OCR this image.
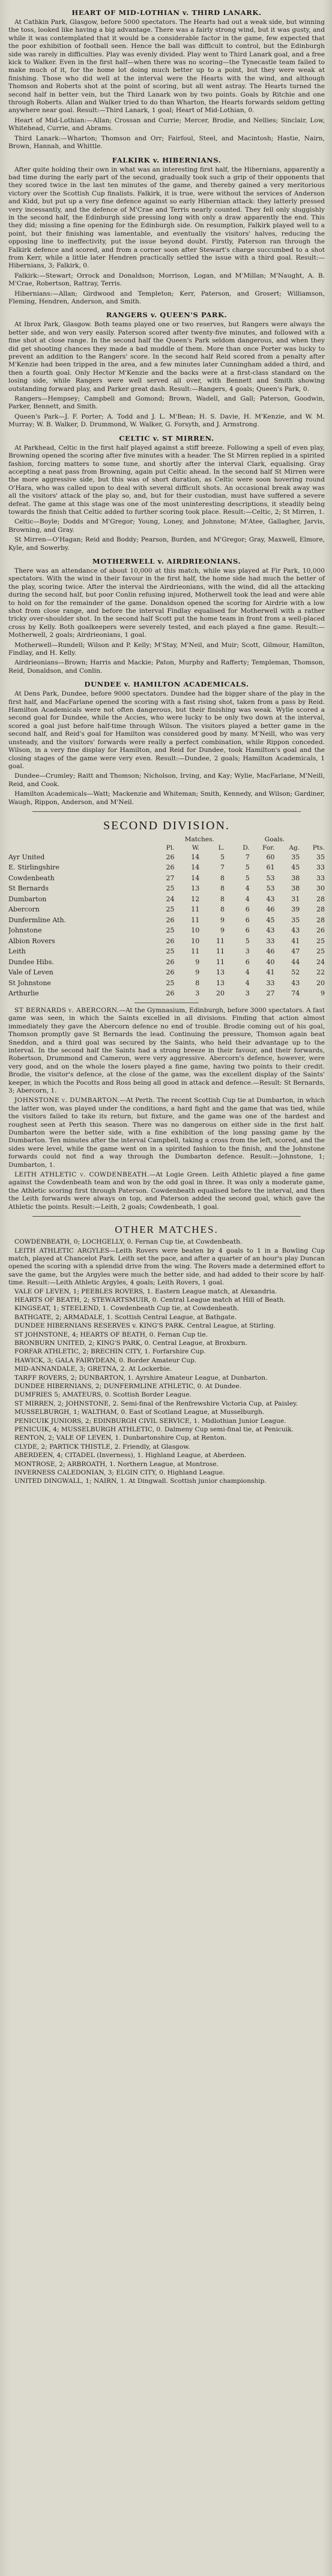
HEART OF MID-LOTHIAN v. THIRD LANARK.

At Cathkin Park, Glasgow, before 5000 spectators. The Hearts had out a weak side, but winning the toss, looked like having a big advantage. There was a fairly strong wind, but it was gusty, and while it was contemplated that it would be a considerable factor in the game, few expected that the poor exhibition of football seen. Hence the ball was difficult to control, but the Edinburgh side was rarely in difficulties. Play was evenly divided. Play went to Third Lanark goal, and a free kick to Walker. Even in the first half—when there was no scoring—the Tynecastle team failed to make much of it, for the home lot doing much better up to a point, but they were weak at finishing. Those who did well at the interval were the Hearts with the wind, and although Thomson and Roberts shot at the point of scoring, but all went astray. The Hearts turned the second half in better vein, but the Third Lanark won by two points. Goals by Ritchie and one through Roberts. Allan and Walker tried to do than Wharton, the Hearts forwards seldom getting anywhere near goal. Result:—Third Lanark, 1 goal; Heart of Mid-Lothian, 0.

Heart of Mid-Lothian:—Allan; Crossan and Currie; Mercer, Brodie, and Nellies; Sinclair, Low, Whitehead, Currie, and Abrams.

Third Lanark:—Wharton; Thomson and Orr; Fairfoul, Steel, and Macintosh; Hastie, Nairn, Brown, Hannah, and Whittle.

FALKIRK v. HIBERNIANS.

After quite holding their own in what was an interesting first half, the Hibernians, apparently a bad time during the early part of the second, gradually took such a grip of their opponents that they scored twice in the last ten minutes of the game, and thereby gained a very meritorious victory over the Scottish Cup finalists. Falkirk, it is true, were without the services of Anderson and Kidd, but put up a very fine defence against so early Hibernian attack: they latterly pressed very incessantly, and the defence of M'Crae and Terris nearly counted. They fell only sluggishly in the second half, the Edinburgh side pressing long with only a draw apparently the end. This they did; missing a fine opening for the Edinburgh side. On resumption, Falkirk played well to a point, but their finishing was lamentable, and eventually the visitors' halves, reducing the opposing line to ineffectivity, put the issue beyond doubt. Firstly, Paterson ran through the Falkirk defence and scored, and from a corner soon after Stewart's charge succumbed to a shot from Kerr, while a little later Hendren practically settled the issue with a third goal. Result:—Hibernians, 3; Falkirk, 0.

Falkirk:—Stewart; Orrock and Donaldson; Morrison, Logan, and M'Millan; M'Naught, A. B. M'Crae, Robertson, Rattray, Terris.

Hibernians:—Allan; Girdwood and Templeton; Kerr, Paterson, and Grosert; Williamson, Fleming, Hendren, Anderson, and Smith.

RANGERS v. QUEEN'S PARK.

At Ibrox Park, Glasgow. Both teams played one or two reserves, but Rangers were always the better side, and won very easily. Paterson scored after twenty-five minutes, and followed with a fine shot at close range. In the second half the Queen's Park seldom dangerous, and when they did get shooting chances they made a bad muddle of them. More than once Porter was lucky to prevent an addition to the Rangers' score. In the second half Reid scored from a penalty after M'Kenzie had been tripped in the area, and a few minutes later Cunningham added a third, and then a fourth goal. Only Hector M'Kenzie and the backs were at a first-class standard on the losing side, while Rangers were well served all over, with Bennett and Smith showing outstanding forward play, and Parker great dash. Result:—Rangers, 4 goals; Queen's Park, 0.

Rangers—Hempsey; Campbell and Gomond; Brown, Wadell, and Gall; Paterson, Goodwin, Parker, Bennett, and Smith.

Queen's Park—J. F. Porter; A. Todd and J. L. M'Bean; H. S. Davie, H. M'Kenzie, and W. M. Murray; W. B. Walker, D. Drummond, W. Walker, G. Forsyth, and J. Armstrong.

CELTIC v. ST MIRREN.

At Parkhead, Celtic in the first half played against a stiff breeze. Following a spell of even play, Browning opened the scoring after five minutes with a header. The St Mirren replied in a spirited fashion, forcing matters to some tune, and shortly after the interval Clark, equalising. Gray accepting a neat pass from Browning, again put Celtic ahead. In the second half St Mirren were the more aggressive side, but this was of short duration, as Celtic were soon hovering round O'Hara, who was called upon to deal with several difficult shots. An occasional break away was all the visitors' attack of the play so, and, but for their custodian, must have suffered a severe defeat. The game at this stage was one of the most uninteresting descriptions, it steadily being towards the finish that Celtic added to further scoring took place. Result:—Celtic, 2; St Mirren, 1.

Celtic—Boyle; Dodds and M'Gregor; Young, Loney, and Johnstone; M'Atee, Gallagher, Jarvis, Browning, and Gray.

St Mirren—O'Hagan; Reid and Boddy; Pearson, Burden, and M'Gregor; Gray, Maxwell, Elmore, Kyle, and Sowerby.

MOTHERWELL v. AIRDRIEONIANS.

There was an attendance of about 10,000 at this match, while was played at Fir Park, 10,000 spectators. With the wind in their favour in the first half, the home side had much the better of the play, scoring twice. After the interval the Airdrieonians, with the wind, did all the attacking during the second half, but poor Conlin refusing injured, Motherwell took the lead and were able to hold on for the remainder of the game. Donaldson opened the scoring for Airdrie with a low shot from close range, and before the interval Findlay equalised for Motherwell with a rather tricky over-shoulder shot. In the second half Scott put the home team in front from a well-placed cross by Kelly. Both goalkeepers were severely tested, and each played a fine game. Result:—Motherwell, 2 goals; Airdrieonians, 1 goal.

Motherwell—Rundell; Wilson and P. Kelly; M'Stay, M'Neil, and Muir; Scott, Gilmour, Hamilton, Findlay, and H. Kelly.

Airdrieonians—Brown; Harris and Mackie; Paton, Murphy and Rafferty; Templeman, Thomson, Reid, Donaldson, and Conlin.

DUNDEE v. HAMILTON ACADEMICALS.

At Dens Park, Dundee, before 9000 spectators. Dundee had the bigger share of the play in the first half, and MacFarlane opened the scoring with a fast rising shot, taken from a pass by Reid. Hamilton Academicals were not often dangerous, but their finishing was weak. Wylie scored a second goal for Dundee, while the Accies, who were lucky to be only two down at the interval, scored a goal just before half-time through Wilson. The visitors played a better game in the second half, and Reid's goal for Hamilton was considered good by many. M'Neill, who was very unsteady, and the visitors' forwards were really a perfect combination, while Rippon conceded. Wilson, in a very fine display for Hamilton, and Reid for Dundee, took Hamilton's goal and the closing stages of the game were very even. Result:—Dundee, 2 goals; Hamilton Academicals, 1 goal.

Dundee—Crumley; Raitt and Thomson; Nicholson, Irving, and Kay; Wylie, MacFarlane, M'Neill, Reid, and Cook.

Hamilton Academicals—Watt; Mackenzie and Whiteman; Smith, Kennedy, and Wilson; Gardiner, Waugh, Rippon, Anderson, and M'Neil.

SECOND DIVISION.
	Matches.				Goals.		
	Pl.	W.	L.	D.	For.	Ag.	Pts.
Ayr United	26	14	5	7	60	35	35
E. Stirlingshire	26	14	7	5	61	45	33
Cowdenbeath	27	14	8	5	53	38	33
St Bernards	25	13	8	4	53	38	30
Dumbarton	24	12	8	4	43	31	28
Abercorn	25	11	8	6	46	39	28
Dunfermline Ath.	26	11	9	6	45	35	28
Johnstone	25	10	9	6	43	43	26
Albion Rovers	26	10	11	5	33	41	25
Leith	25	11	11	3	46	47	25
Dundee Hibs.	26	9	11	6	40	44	24
Vale of Leven	26	9	13	4	41	52	22
St Johnstone	25	8	13	4	33	43	20
Arthurlie	26	3	20	3	27	74	9

ST BERNARDS v. ABERCORN.—At the Gymnasium, Edinburgh, before 3000 spectators. A fast game was seen, in which the Saints excelled in all divisions. Finding that action almost immediately they gave the Abercorn defence no end of trouble. Brodie coming out of his goal, Thomson promptly gave St Bernards the lead. Continuing the pressure, Thomson again beat Sneddon, and a third goal was secured by the Saints, who held their advantage up to the interval. In the second half the Saints had a strong breeze in their favour, and their forwards, Robertson, Drummond and Cameron, were very aggressive. Abercorn's defence, however, were very good, and on the whole the losers played a fine game, having two points to their credit. Brodie, the visitor's defence, at the close of the game, was the excellent display of the Saints' keeper, in which the Pocotts and Ross being all good in attack and defence.—Result: St Bernards, 3; Abercorn, 1.

JOHNSTONE v. DUMBARTON.—At Perth. The recent Scottish Cup tie at Dumbarton, in which the latter won, was played under the conditions, a hard fight and the game that was tied, while the visitors failed to take its return, but fixture, and the game was one of the hardest and roughest seen at Perth this season. There was no dangerous on either side in the first half. Dumbarton were the better side, with a fine exhibition of the long passing game by the Dumbarton. Ten minutes after the interval Campbell, taking a cross from the left, scored, and the sides were level, while the game went on in a spirited fashion to the finish, and the Johnstone forwards could not find a way through the Dumbarton defence. Result:—Johnstone, 1; Dumbarton, 1.

LEITH ATHLETIC v. COWDENBEATH.—At Logie Green. Leith Athletic played a fine game against the Cowdenbeath team and won by the odd goal in three. It was only a moderate game, the Athletic scoring first through Paterson. Cowdenbeath equalised before the interval, and then the Leith forwards were always on top, and Paterson added the second goal, which gave the Athletic the points. Result:—Leith, 2 goals; Cowdenbeath, 1 goal.

OTHER MATCHES.

COWDENBEATH, 0; LOCHGELLY, 0. Fernan Cup tie, at Cowdenbeath.

LEITH ATHLETIC ARGYLES—Leith Rovers were beaten by 4 goals to 1 in a Bowling Cup match, played at Chancelot Park. Leith set the pace, and after a quarter of an hour's play Duncan opened the scoring with a splendid drive from the wing. The Rovers made a determined effort to save the game, but the Argyles were much the better side, and had added to their score by half-time. Result:—Leith Athletic Argyles, 4 goals; Leith Rovers, 1 goal.

VALE OF LEVEN, 1; PEEBLES ROVERS, 1. Eastern League match, at Alexandria.

HEARTS OF BEATH, 2; STEWARTSMUIR, 0. Central League match at Hill of Beath.

KINGSEAT, 1; STEELEND, 1. Cowdenbeath Cup tie, at Cowdenbeath.

BATHGATE, 2; ARMADALE, 1. Scottish Central League, at Bathgate.

DUNDEE HIBERNIANS RESERVES v. KING'S PARK. Central League, at Stirling.

ST JOHNSTONE, 4; HEARTS OF BEATH, 0. Fernan Cup tie.

BRONBURN UNITED, 2; KING'S PARK, 0. Central League, at Broxburn.

FORFAR ATHLETIC, 2; BRECHIN CITY, 1. Forfarshire Cup.

HAWICK, 3; GALA FAIRYDEAN, 0. Border Amateur Cup.

MID-ANNANDALE, 3; GRETNA, 2. At Lockerbie.

TARFF ROVERS, 2; DUNBARTON, 1. Ayrshire Amateur League, at Dunbarton.

DUNDEE HIBERNIANS, 2; DUNFERMLINE ATHLETIC, 0. At Dundee.

DUMFRIES 5; AMATEURS, 0. Scottish Border League.

ST MIRREN, 2; JOHNSTONE, 2. Semi-final of the Renfrewshire Victoria Cup, at Paisley.

MUSSELBURGH, 1; WALTHAM, 0. East of Scotland League, at Musselburgh.

PENICUIK JUNIORS, 2; EDINBURGH CIVIL SERVICE, 1. Midlothian Junior League.

PENICUIK, 4; MUSSELBURGH ATHLETIC, 0. Dalmeny Cup semi-final tie, at Penicuik.

RENTON, 2; VALE OF LEVEN, 1. Dunbartonshire Cup, at Renton.

CLYDE, 2; PARTICK THISTLE, 2. Friendly, at Glasgow.

ABERDEEN, 4; CITADEL (Inverness), 1. Highland League, at Aberdeen.

MONTROSE, 2; ARBROATH, 1. Northern League, at Montrose.

INVERNESS CALEDONIAN, 3; ELGIN CITY, 0. Highland League.

UNITED DINGWALL, 1; NAIRN, 1. At Dingwall. Scottish junior championship.
